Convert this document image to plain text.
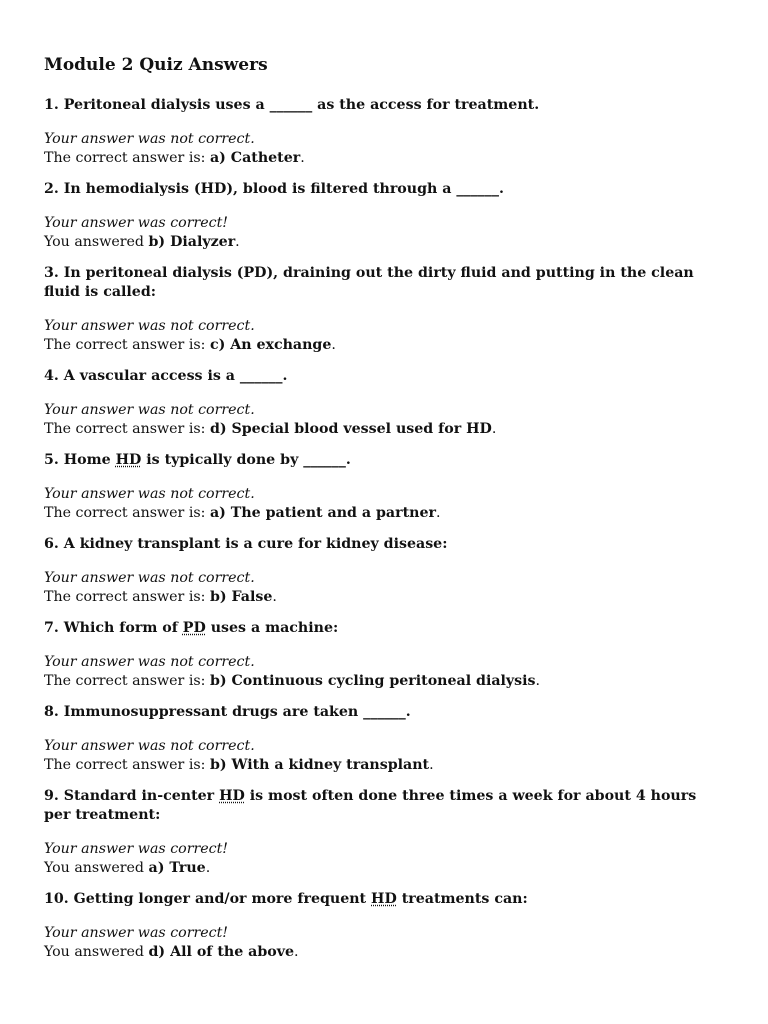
Module 2 Quiz Answers

1. Peritoneal dialysis uses a ______ as the access for treatment.

Your answer was not correct.

The correct answer is: a) Catheter.

2. In hemodialysis (HD), blood is filtered through a ______.

Your answer was correct!

You answered b) Dialyzer.

3. In peritoneal dialysis (PD), draining out the dirty fluid and putting in the clean fluid is called:

Your answer was not correct.

The correct answer is: c) An exchange.

4. A vascular access is a ______.

Your answer was not correct.

The correct answer is: d) Special blood vessel used for HD.

5. Home HD is typically done by ______.

Your answer was not correct.

The correct answer is: a) The patient and a partner.

6. A kidney transplant is a cure for kidney disease:

Your answer was not correct.

The correct answer is: b) False.

7. Which form of PD uses a machine:

Your answer was not correct.

The correct answer is: b) Continuous cycling peritoneal dialysis.

8. Immunosuppressant drugs are taken ______.

Your answer was not correct.

The correct answer is: b) With a kidney transplant.

9. Standard in-center HD is most often done three times a week for about 4 hours per treatment:

Your answer was correct!

You answered a) True.

10. Getting longer and/or more frequent HD treatments can:

Your answer was correct!

You answered d) All of the above.
